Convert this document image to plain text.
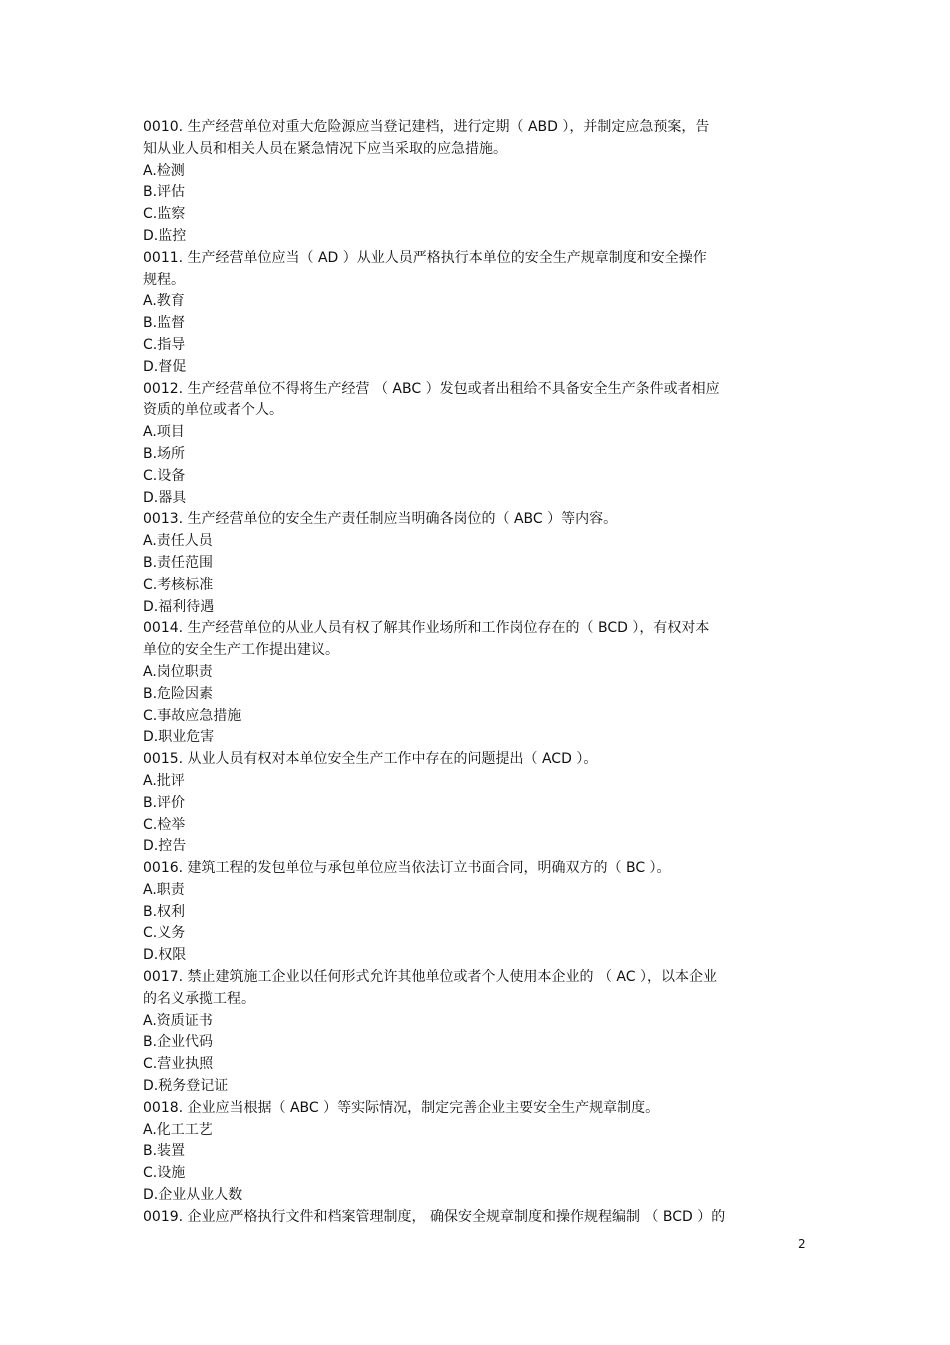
0010. 生产经营单位对重大危险源应当登记建档，进行定期（ ABD ），并制定应急预案，告
知从业人员和相关人员在紧急情况下应当采取的应急措施。
A.检测
B.评估
C.监察
D.监控
0011. 生产经营单位应当（ AD ）从业人员严格执行本单位的安全生产规章制度和安全操作
规程。
A.教育
B.监督
C.指导
D.督促
0012. 生产经营单位不得将生产经营 （ ABC ）发包或者出租给不具备安全生产条件或者相应
资质的单位或者个人。
A.项目
B.场所
C.设备
D.器具
0013. 生产经营单位的安全生产责任制应当明确各岗位的（ ABC ）等内容。
A.责任人员
B.责任范围
C.考核标准
D.福利待遇
0014. 生产经营单位的从业人员有权了解其作业场所和工作岗位存在的（ BCD ），有权对本
单位的安全生产工作提出建议。
A.岗位职责
B.危险因素
C.事故应急措施
D.职业危害
0015. 从业人员有权对本单位安全生产工作中存在的问题提出（ ACD ）。
A.批评
B.评价
C.检举
D.控告
0016. 建筑工程的发包单位与承包单位应当依法订立书面合同，明确双方的（ BC ）。
A.职责
B.权利
C.义务
D.权限
0017. 禁止建筑施工企业以任何形式允许其他单位或者个人使用本企业的 （ AC ），以本企业
的名义承揽工程。
A.资质证书
B.企业代码
C.营业执照
D.税务登记证
0018. 企业应当根据（ ABC ）等实际情况，制定完善企业主要安全生产规章制度。
A.化工工艺
B.装置
C.设施
D.企业从业人数
0019. 企业应严格执行文件和档案管理制度， 确保安全规章制度和操作规程编制 （ BCD ）的
2
